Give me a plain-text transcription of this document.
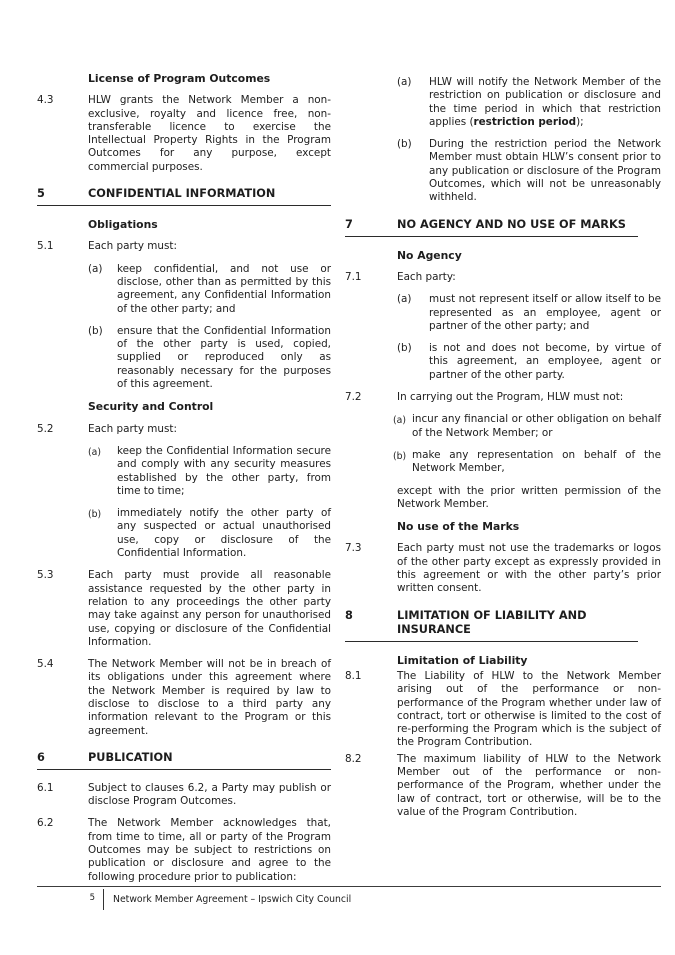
License of Program Outcomes
4.3	HLW grants the Network Member a non-exclusive, royalty and licence free, non-transferable licence to exercise the Intellectual Property Rights in the Program Outcomes for any purpose, except commercial purposes.
5	CONFIDENTIAL INFORMATION
Obligations
5.1	Each party must:
(a)	keep confidential, and not use or disclose, other than as permitted by this agreement, any Confidential Information of the other party; and
(b)	ensure that the Confidential Information of the other party is used, copied, supplied or reproduced only as reasonably necessary for the purposes of this agreement.
Security and Control
5.2	Each party must:
(a)	keep the Confidential Information secure and comply with any security measures established by the other party, from time to time;
(b)	immediately notify the other party of any suspected or actual unauthorised use, copy or disclosure of the Confidential Information.
5.3	Each party must provide all reasonable assistance requested by the other party in relation to any proceedings the other party may take against any person for unauthorised use, copying or disclosure of the Confidential Information.
5.4	The Network Member will not be in breach of its obligations under this agreement where the Network Member is required by law to disclose to disclose to a third party any information relevant to the Program or this agreement.
6	PUBLICATION
6.1	Subject to clauses 6.2, a Party may publish or disclose Program Outcomes.
6.2	The Network Member acknowledges that, from time to time, all or party of the Program Outcomes may be subject to restrictions on publication or disclosure and agree to the following procedure prior to publication:
(a)	HLW will notify the Network Member of the restriction on publication or disclosure and the time period in which that restriction applies (restriction period);
(b)	During the restriction period the Network Member must obtain HLW’s consent prior to any publication or disclosure of the Program Outcomes, which will not be unreasonably withheld.
7	NO AGENCY AND NO USE OF MARKS
No Agency
7.1	Each party:
(a)	must not represent itself or allow itself to be represented as an employee, agent or partner of the other party; and
(b)	is not and does not become, by virtue of this agreement, an employee, agent or partner of the other party.
7.2	In carrying out the Program, HLW must not:
(a) incur any financial or other obligation on behalf of the Network Member; or
(b) make any representation on behalf of the Network Member,
except with the prior written permission of the Network Member.
No use of the Marks
7.3	Each party must not use the trademarks or logos of the other party except as expressly provided in this agreement or with the other party’s prior written consent.
8	LIMITATION OF LIABILITY AND INSURANCE
Limitation of Liability
8.1	The Liability of HLW to the Network Member arising out of the performance or non-performance of the Program whether under law of contract, tort or otherwise is limited to the cost of re-performing the Program which is the subject of the Program Contribution.
8.2	The maximum liability of HLW to the Network Member out of the performance or non-performance of the Program, whether under the law of contract, tort or otherwise, will be to the value of the Program Contribution.
5	Network Member Agreement – Ipswich City Council
